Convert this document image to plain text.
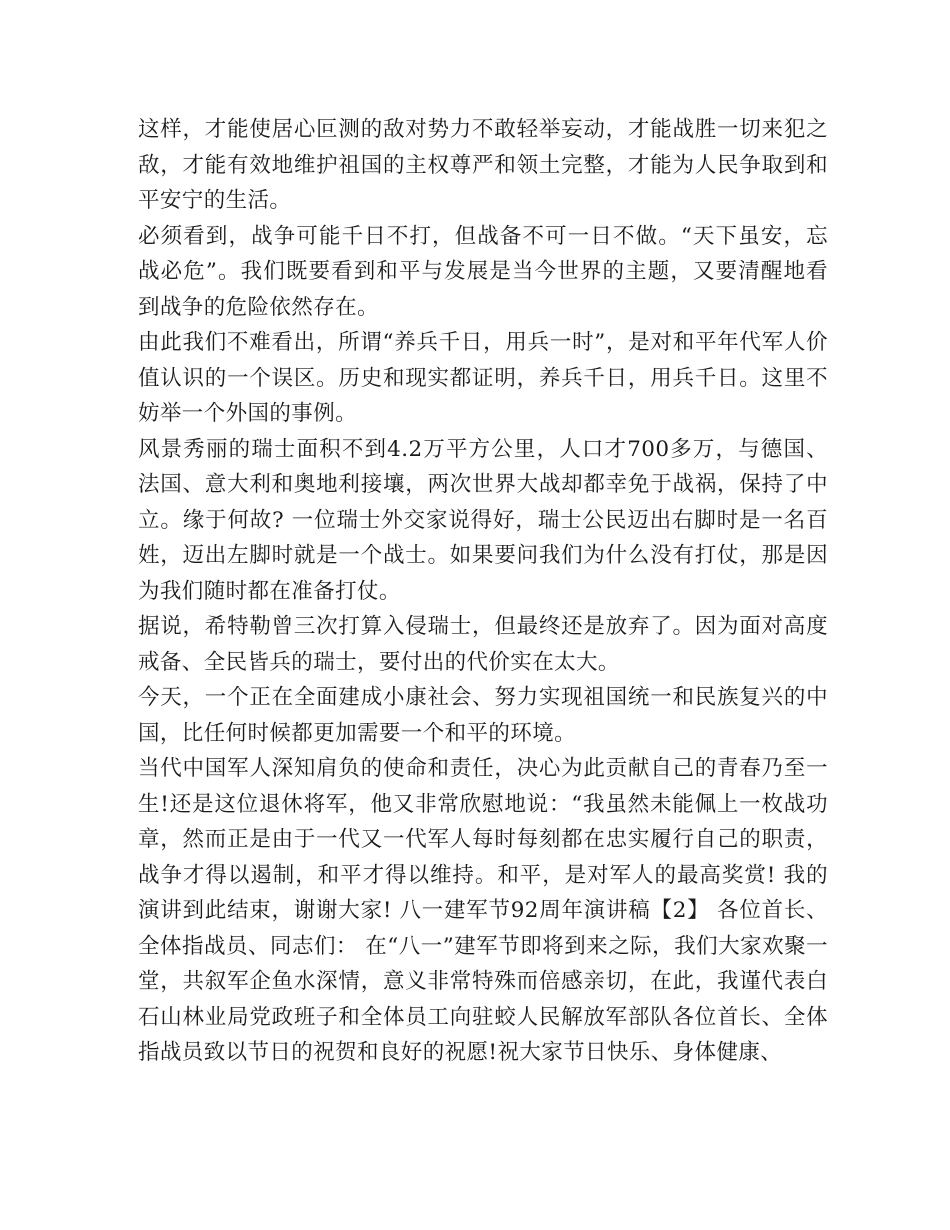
这样，才能使居心叵测的敌对势力不敢轻举妄动，才能战胜一切来犯之敌，才能有效地维护祖国的主权尊严和领土完整，才能为人民争取到和平安宁的生活。

必须看到，战争可能千日不打，但战备不可一日不做。“天下虽安，忘战必危”。我们既要看到和平与发展是当今世界的主题，又要清醒地看到战争的危险依然存在。

由此我们不难看出，所谓“养兵千日，用兵一时”，是对和平年代军人价值认识的一个误区。历史和现实都证明，养兵千日，用兵千日。这里不妨举一个外国的事例。

风景秀丽的瑞士面积不到4.2万平方公里，人口才700多万，与德国、法国、意大利和奥地利接壤，两次世界大战却都幸免于战祸，保持了中立。缘于何故? 一位瑞士外交家说得好，瑞士公民迈出右脚时是一名百姓，迈出左脚时就是一个战士。如果要问我们为什么没有打仗，那是因为我们随时都在准备打仗。

据说，希特勒曾三次打算入侵瑞士，但最终还是放弃了。因为面对高度戒备、全民皆兵的瑞士，要付出的代价实在太大。

今天，一个正在全面建成小康社会、努力实现祖国统一和民族复兴的中国，比任何时候都更加需要一个和平的环境。

当代中国军人深知肩负的使命和责任，决心为此贡献自己的青春乃至一生!还是这位退休将军，他又非常欣慰地说：“我虽然未能佩上一枚战功章，然而正是由于一代又一代军人每时每刻都在忠实履行自己的职责，战争才得以遏制，和平才得以维持。和平，是对军人的最高奖赏! 我的演讲到此结束，谢谢大家! 八一建军节92周年演讲稿【2】 各位首长、全体指战员、同志们： 在“八一”建军节即将到来之际，我们大家欢聚一堂，共叙军企鱼水深情，意义非常特殊而倍感亲切，在此，我谨代表白石山林业局党政班子和全体员工向驻蛟人民解放军部队各位首长、全体指战员致以节日的祝贺和良好的祝愿!祝大家节日快乐、身体健康、
